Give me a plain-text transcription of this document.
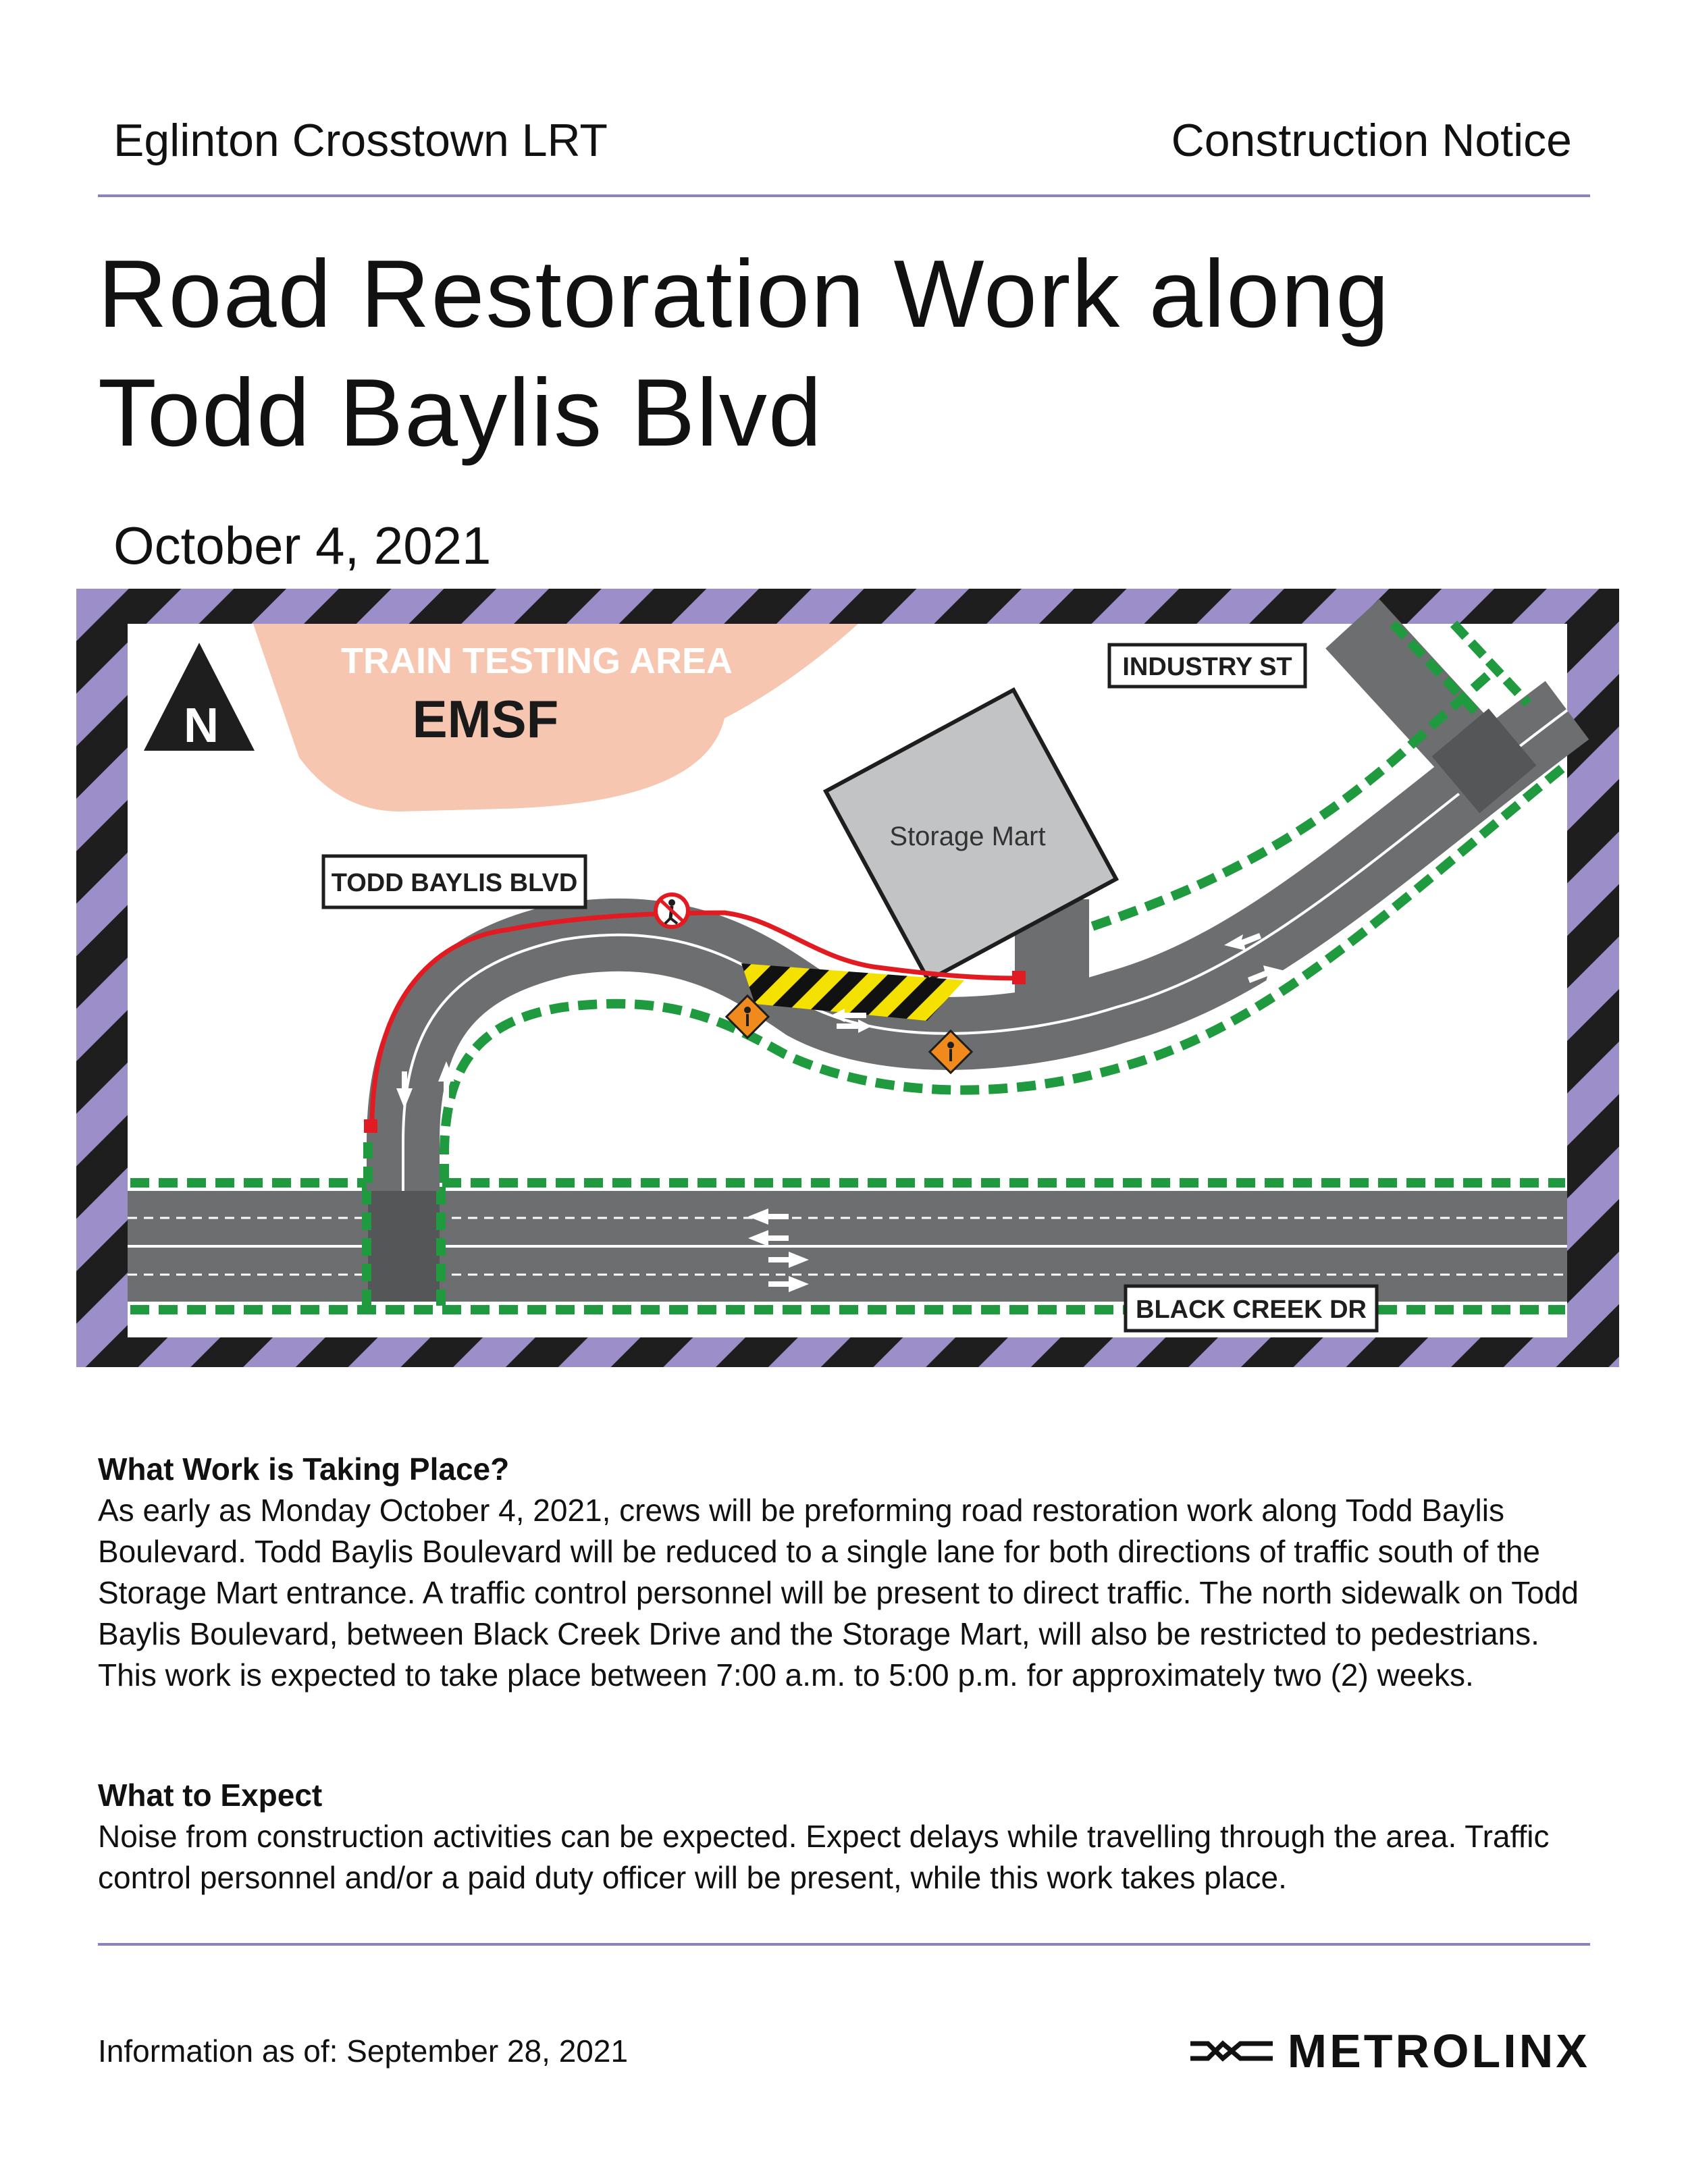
Eglinton Crosstown LRT	Construction Notice
Road Restoration Work along Todd Baylis Blvd
October 4, 2021
TRAIN TESTING AREA
EMSF
N
Storage Mart
TODD BAYLIS BLVD
INDUSTRY ST
BLACK CREEK DR
What Work is Taking Place?
As early as Monday October 4, 2021, crews will be preforming road restoration work along Todd Baylis Boulevard. Todd Baylis Boulevard will be reduced to a single lane for both directions of traffic south of the Storage Mart entrance. A traffic control personnel will be present to direct traffic. The north sidewalk on Todd Baylis Boulevard, between Black Creek Drive and the Storage Mart, will also be restricted to pedestrians. This work is expected to take place between 7:00 a.m. to 5:00 p.m. for approximately two (2) weeks.
What to Expect
Noise from construction activities can be expected. Expect delays while travelling through the area. Traffic control personnel and/or a paid duty officer will be present, while this work takes place.
Information as of: September 28, 2021	METROLINX
